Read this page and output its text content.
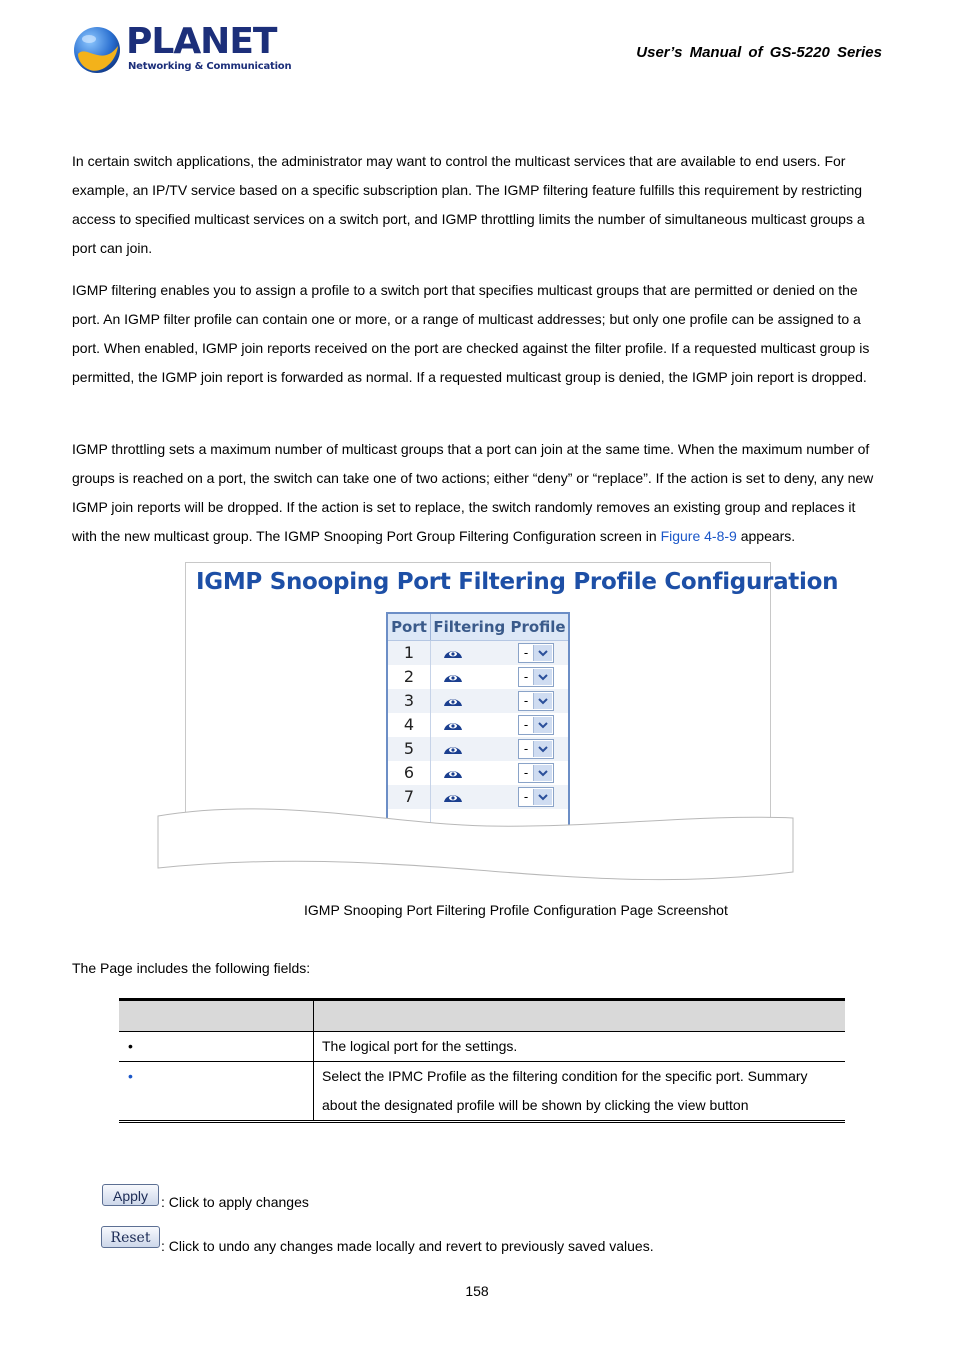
PLANET
Networking & Communication
User’s Manual of GS-5220 Series

In certain switch applications, the administrator may want to control the multicast services that are available to end users. For example, an IP/TV service based on a specific subscription plan. The IGMP filtering feature fulfills this requirement by restricting access to specified multicast services on a switch port, and IGMP throttling limits the number of simultaneous multicast groups a port can join.

IGMP filtering enables you to assign a profile to a switch port that specifies multicast groups that are permitted or denied on the port. An IGMP filter profile can contain one or more, or a range of multicast addresses; but only one profile can be assigned to a port. When enabled, IGMP join reports received on the port are checked against the filter profile. If a requested multicast group is permitted, the IGMP join report is forwarded as normal. If a requested multicast group is denied, the IGMP join report is dropped.

IGMP throttling sets a maximum number of multicast groups that a port can join at the same time. When the maximum number of groups is reached on a port, the switch can take one of two actions; either “deny” or “replace”. If the action is set to deny, any new IGMP join reports will be dropped. If the action is set to replace, the switch randomly removes an existing group and replaces it with the new multicast group. The IGMP Snooping Port Group Filtering Configuration screen in Figure 4-8-9 appears.

IGMP Snooping Port Filtering Profile Configuration
Port Filtering Profile
1	-
2	-
3	-
4	-
5	-
6	-
7	-
IGMP Snooping Port Filtering Profile Configuration Page Screenshot
The Page includes the following fields:

•	The logical port for the settings.
•	Select the IPMC Profile as the filtering condition for the specific port. Summary about the designated profile will be shown by clicking the view button
Apply : Click to apply changes
Reset : Click to undo any changes made locally and revert to previously saved values.
158
